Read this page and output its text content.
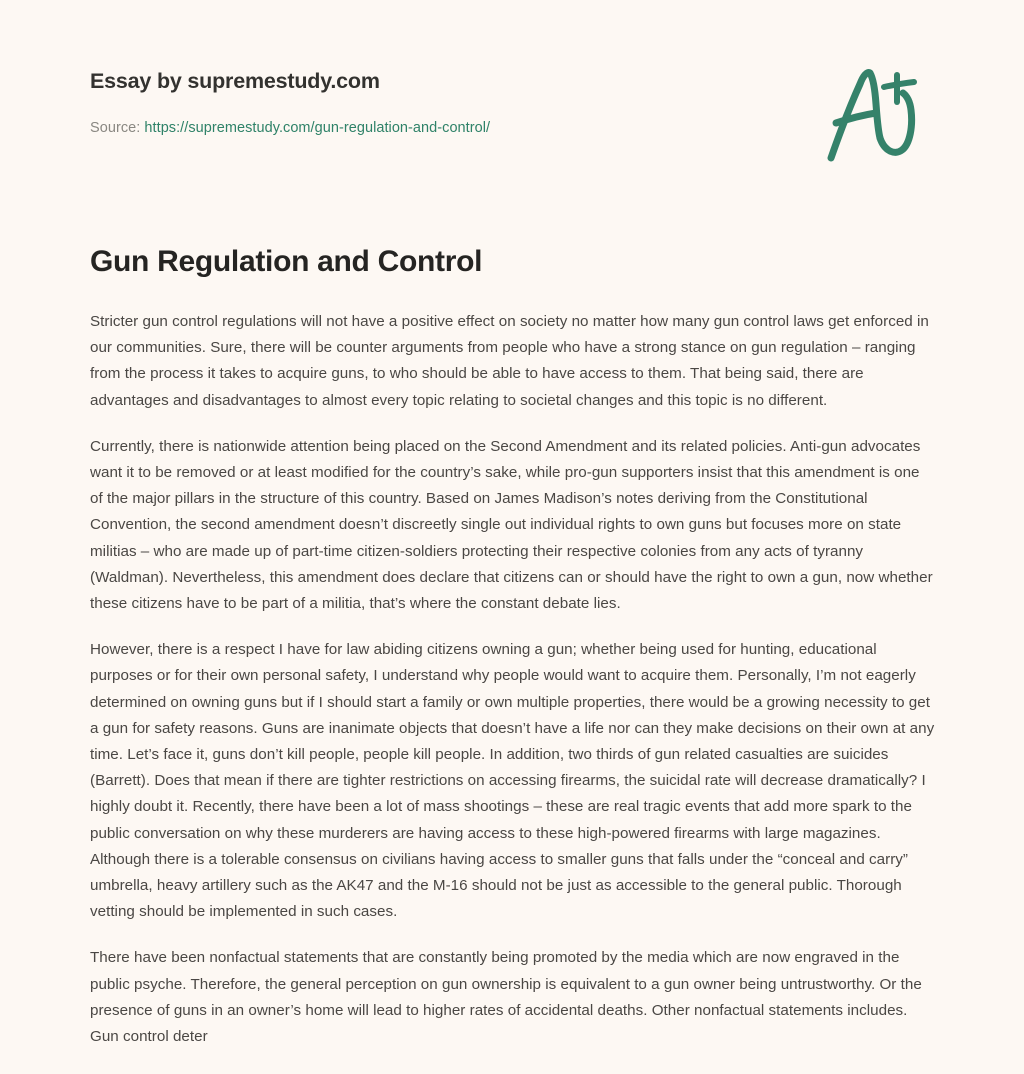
Essay by supremestudy.com
Source: https://supremestudy.com/gun-regulation-and-control/
Gun Regulation and Control

Stricter gun control regulations will not have a positive effect on society no matter how many gun control laws get enforced in our communities. Sure, there will be counter arguments from people who have a strong stance on gun regulation – ranging from the process it takes to acquire guns, to who should be able to have access to them. That being said, there are advantages and disadvantages to almost every topic relating to societal changes and this topic is no different.

Currently, there is nationwide attention being placed on the Second Amendment and its related policies. Anti-gun advocates want it to be removed or at least modified for the country’s sake, while pro-gun supporters insist that this amendment is one of the major pillars in the structure of this country. Based on James Madison’s notes deriving from the Constitutional Convention, the second amendment doesn’t discreetly single out individual rights to own guns but focuses more on state militias – who are made up of part-time citizen-soldiers protecting their respective colonies from any acts of tyranny (Waldman). Nevertheless, this amendment does declare that citizens can or should have the right to own a gun, now whether these citizens have to be part of a militia, that’s where the constant debate lies.

However, there is a respect I have for law abiding citizens owning a gun; whether being used for hunting, educational purposes or for their own personal safety, I understand why people would want to acquire them. Personally, I’m not eagerly determined on owning guns but if I should start a family or own multiple properties, there would be a growing necessity to get a gun for safety reasons. Guns are inanimate objects that doesn’t have a life nor can they make decisions on their own at any time. Let’s face it, guns don’t kill people, people kill people. In addition, two thirds of gun related casualties are suicides (Barrett). Does that mean if there are tighter restrictions on accessing firearms, the suicidal rate will decrease dramatically? I highly doubt it. Recently, there have been a lot of mass shootings – these are real tragic events that add more spark to the public conversation on why these murderers are having access to these high-powered firearms with large magazines. Although there is a tolerable consensus on civilians having access to smaller guns that falls under the “conceal and carry” umbrella, heavy artillery such as the AK47 and the M-16 should not be just as accessible to the general public. Thorough vetting should be implemented in such cases.

There have been nonfactual statements that are constantly being promoted by the media which are now engraved in the public psyche. Therefore, the general perception on gun ownership is equivalent to a gun owner being untrustworthy. Or the presence of guns in an owner’s home will lead to higher rates of accidental deaths. Other nonfactual statements includes. Gun control deter
